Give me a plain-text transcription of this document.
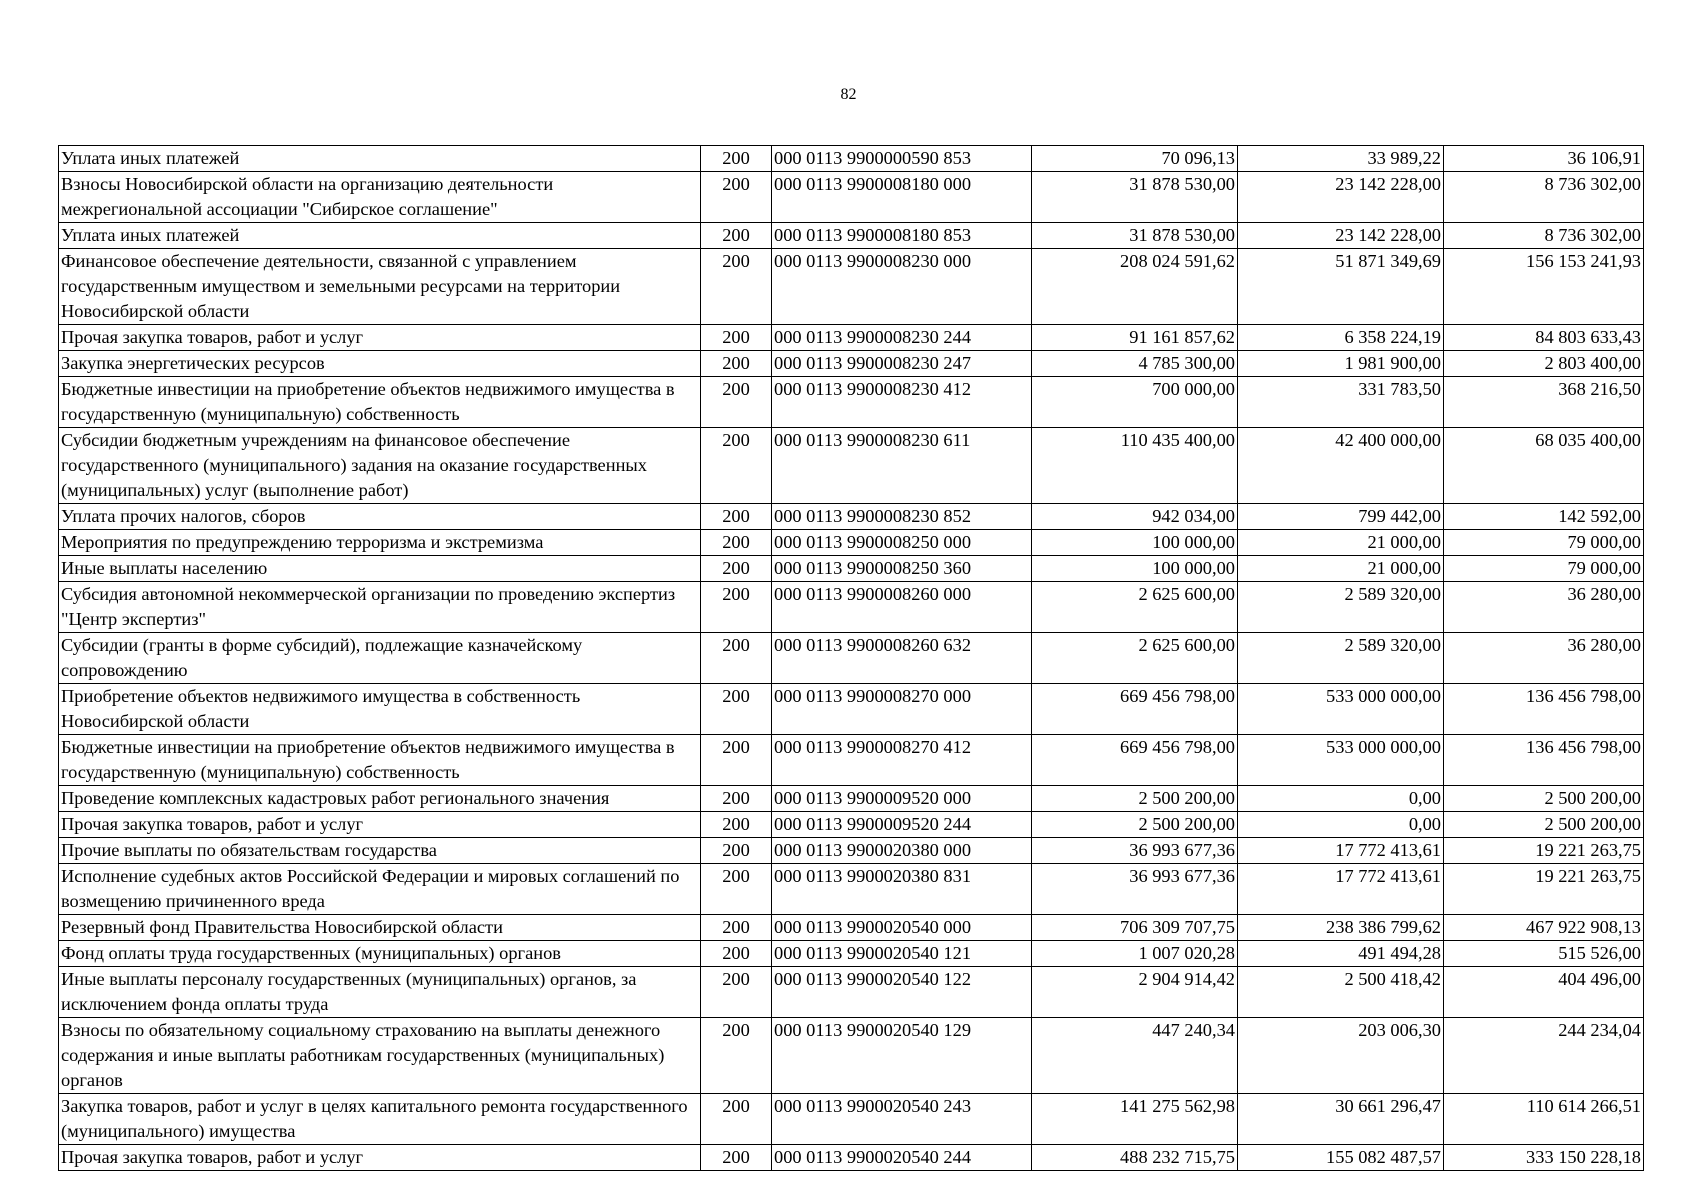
82
Уплата иных платежей	200	000 0113 9900000590 853	70 096,13	33 989,22	36 106,91
Взносы Новосибирской области на организацию деятельности межрегиональной ассоциации "Сибирское соглашение"	200	000 0113 9900008180 000	31 878 530,00	23 142 228,00	8 736 302,00
Уплата иных платежей	200	000 0113 9900008180 853	31 878 530,00	23 142 228,00	8 736 302,00
Финансовое обеспечение деятельности, связанной с управлением государственным имуществом и земельными ресурсами на территории Новосибирской области	200	000 0113 9900008230 000	208 024 591,62	51 871 349,69	156 153 241,93
Прочая закупка товаров, работ и услуг	200	000 0113 9900008230 244	91 161 857,62	6 358 224,19	84 803 633,43
Закупка энергетических ресурсов	200	000 0113 9900008230 247	4 785 300,00	1 981 900,00	2 803 400,00
Бюджетные инвестиции на приобретение объектов недвижимого имущества в государственную (муниципальную) собственность	200	000 0113 9900008230 412	700 000,00	331 783,50	368 216,50
Субсидии бюджетным учреждениям на финансовое обеспечение государственного (муниципального) задания на оказание государственных (муниципальных) услуг (выполнение работ)	200	000 0113 9900008230 611	110 435 400,00	42 400 000,00	68 035 400,00
Уплата прочих налогов, сборов	200	000 0113 9900008230 852	942 034,00	799 442,00	142 592,00
Мероприятия по предупреждению терроризма и экстремизма	200	000 0113 9900008250 000	100 000,00	21 000,00	79 000,00
Иные выплаты населению	200	000 0113 9900008250 360	100 000,00	21 000,00	79 000,00
Субсидия автономной некоммерческой организации по проведению экспертиз "Центр экспертиз"	200	000 0113 9900008260 000	2 625 600,00	2 589 320,00	36 280,00
Субсидии (гранты в форме субсидий), подлежащие казначейскому сопровождению	200	000 0113 9900008260 632	2 625 600,00	2 589 320,00	36 280,00
Приобретение объектов недвижимого имущества в собственность Новосибирской области	200	000 0113 9900008270 000	669 456 798,00	533 000 000,00	136 456 798,00
Бюджетные инвестиции на приобретение объектов недвижимого имущества в государственную (муниципальную) собственность	200	000 0113 9900008270 412	669 456 798,00	533 000 000,00	136 456 798,00
Проведение комплексных кадастровых работ регионального значения	200	000 0113 9900009520 000	2 500 200,00	0,00	2 500 200,00
Прочая закупка товаров, работ и услуг	200	000 0113 9900009520 244	2 500 200,00	0,00	2 500 200,00
Прочие выплаты по обязательствам государства	200	000 0113 9900020380 000	36 993 677,36	17 772 413,61	19 221 263,75
Исполнение судебных актов Российской Федерации и мировых соглашений по возмещению причиненного вреда	200	000 0113 9900020380 831	36 993 677,36	17 772 413,61	19 221 263,75
Резервный фонд Правительства Новосибирской области	200	000 0113 9900020540 000	706 309 707,75	238 386 799,62	467 922 908,13
Фонд оплаты труда государственных (муниципальных) органов	200	000 0113 9900020540 121	1 007 020,28	491 494,28	515 526,00
Иные выплаты персоналу государственных (муниципальных) органов, за исключением фонда оплаты труда	200	000 0113 9900020540 122	2 904 914,42	2 500 418,42	404 496,00
Взносы по обязательному социальному страхованию на выплаты денежного содержания и иные выплаты работникам государственных (муниципальных) органов	200	000 0113 9900020540 129	447 240,34	203 006,30	244 234,04
Закупка товаров, работ и услуг в целях капитального ремонта государственного (муниципального) имущества	200	000 0113 9900020540 243	141 275 562,98	30 661 296,47	110 614 266,51
Прочая закупка товаров, работ и услуг	200	000 0113 9900020540 244	488 232 715,75	155 082 487,57	333 150 228,18
